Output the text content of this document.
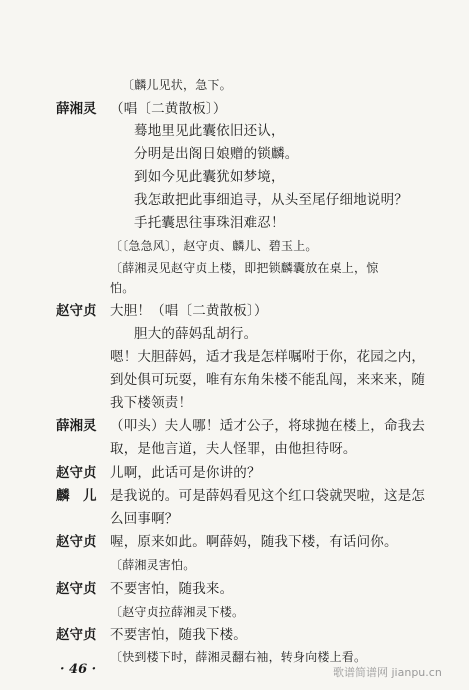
〔麟儿见状，急下。
薛湘灵 （唱〔二黄散板〕）
蓦地里见此囊依旧还认，
分明是出阁日娘赠的锁麟。
到如今见此囊犹如梦境，
我怎敢把此事细追寻，从头至尾仔细地说明？
手托囊思往事珠泪难忍！
〔〔急急风〕，赵守贞、麟儿、碧玉上。
〔薛湘灵见赵守贞上楼，即把锁麟囊放在桌上，惊
怕。
赵守贞 大胆！（唱〔二黄散板〕）
胆大的薛妈乱胡行。
嗯！大胆薛妈，适才我是怎样嘱咐于你，花园之内，
到处俱可玩耍，唯有东角朱楼不能乱闯，来来来，随
我下楼领责！
薛湘灵 （叩头）夫人哪！适才公子，将球抛在楼上，命我去
取，是他言道，夫人怪罪，由他担待呀。
赵守贞 儿啊，此话可是你讲的？
麟　儿 是我说的。可是薛妈看见这个红口袋就哭啦，这是怎
么回事啊？
赵守贞 喔，原来如此。啊薛妈，随我下楼，有话问你。
〔薛湘灵害怕。
赵守贞 不要害怕，随我来。
〔赵守贞拉薛湘灵下楼。
赵守贞 不要害怕，随我下楼。
〔快到楼下时，薛湘灵翻右袖，转身向楼上看。
· 46 ·	歌谱简谱网 jianpu.cn
